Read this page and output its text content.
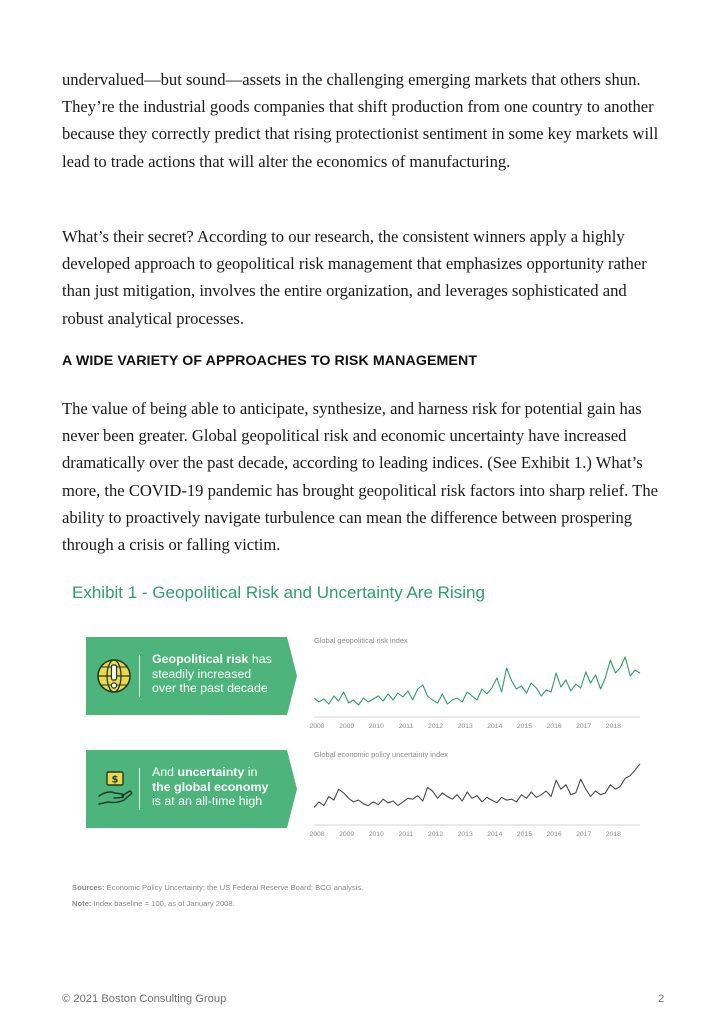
undervalued—but sound—assets in the challenging emerging markets that others shun. They’re the industrial goods companies that shift production from one country to another because they correctly predict that rising protectionist sentiment in some key markets will lead to trade actions that will alter the economics of manufacturing.

What’s their secret? According to our research, the consistent winners apply a highly developed approach to geopolitical risk management that emphasizes opportunity rather than just mitigation, involves the entire organization, and leverages sophisticated and robust analytical processes.

A WIDE VARIETY OF APPROACHES TO RISK MANAGEMENT

The value of being able to anticipate, synthesize, and harness risk for potential gain has never been greater. Global geopolitical risk and economic uncertainty have increased dramatically over the past decade, according to leading indices. (See Exhibit 1.) What’s more, the COVID-19 pandemic has brought geopolitical risk factors into sharp relief. The ability to proactively navigate turbulence can mean the difference between prospering through a crisis or falling victim.

Exhibit 1 - Geopolitical Risk and Uncertainty Are Rising
Geopolitical risk has
steadily increased
over the past decade
$
And uncertainty in
the global economy
is at an all-time high
2008 2009 2010 2011 2012 2013 2014 2015 2016 2017 2018
Global geopolitical risk index
2008 2009 2010 2011 2012 2013 2014 2015 2016 2017 2018
Global economic policy uncertainty index
Sources: Economic Policy Uncertainty; the US Federal Reserve Board; BCG analysis.
Note: Index baseline = 100, as of January 2008.
© 2021 Boston Consulting Group	2
